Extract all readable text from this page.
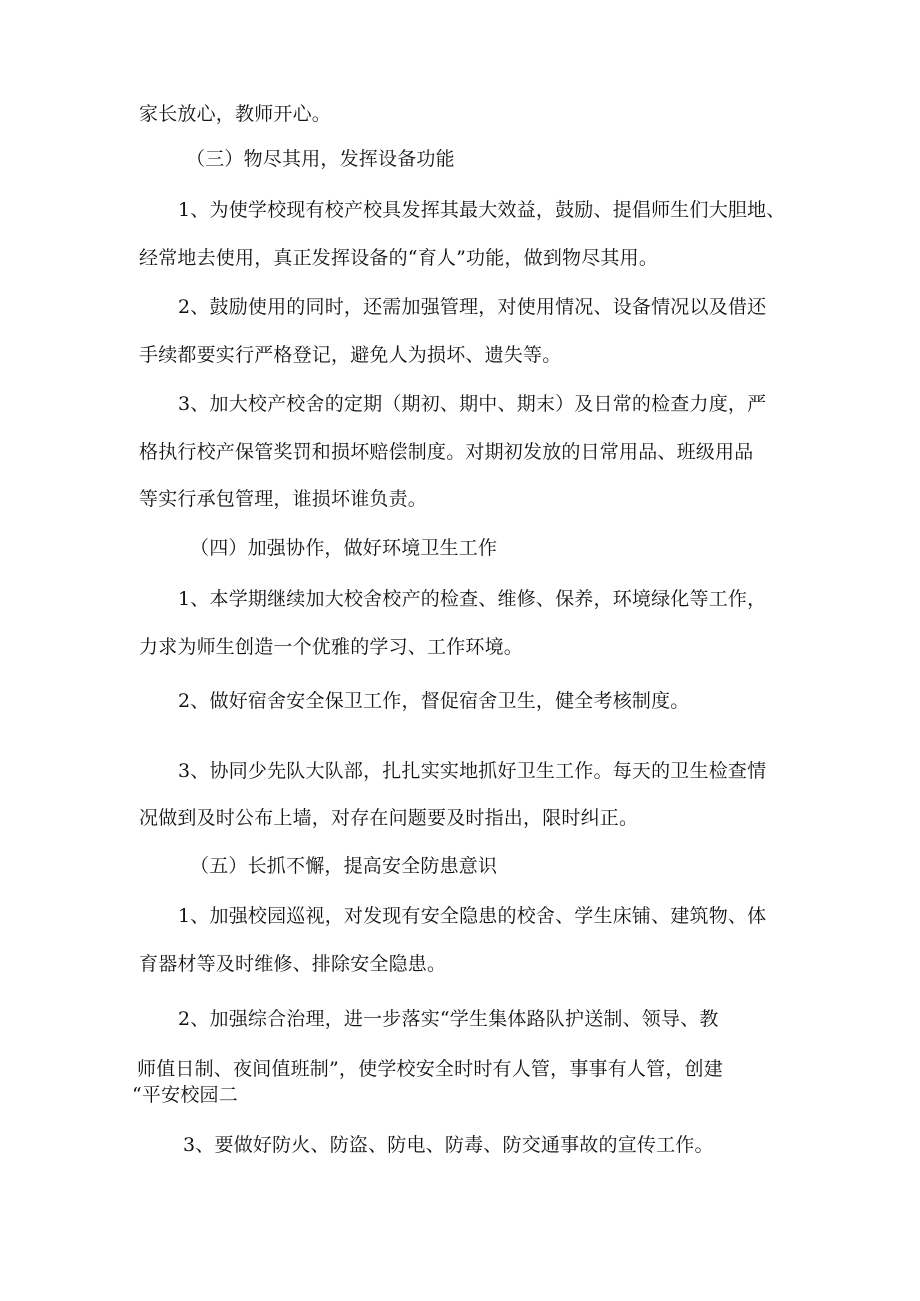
家长放心，教师开心。
（三）物尽其用，发挥设备功能
1、为使学校现有校产校具发挥其最大效益，鼓励、提倡师生们大胆地、
经常地去使用，真正发挥设备的“育人”功能，做到物尽其用。
2、鼓励使用的同时，还需加强管理，对使用情况、设备情况以及借还
手续都要实行严格登记，避免人为损坏、遗失等。
3、加大校产校舍的定期（期初、期中、期末）及日常的检查力度，严
格执行校产保管奖罚和损坏赔偿制度。对期初发放的日常用品、班级用品
等实行承包管理，谁损坏谁负责。
（四）加强协作，做好环境卫生工作
1、本学期继续加大校舍校产的检查、维修、保养，环境绿化等工作，
力求为师生创造一个优雅的学习、工作环境。
2、做好宿舍安全保卫工作，督促宿舍卫生，健全考核制度。
3、协同少先队大队部，扎扎实实地抓好卫生工作。每天的卫生检查情
况做到及时公布上墙，对存在问题要及时指出，限时纠正。
（五）长抓不懈，提高安全防患意识
1、加强校园巡视，对发现有安全隐患的校舍、学生床铺、建筑物、体
育器材等及时维修、排除安全隐患。
2、加强综合治理，进一步落实“学生集体路队护送制、领导、教
师值日制、夜间值班制”，使学校安全时时有人管，事事有人管，创建
“平安校园二
3、要做好防火、防盗、防电、防毒、防交通事故的宣传工作。
